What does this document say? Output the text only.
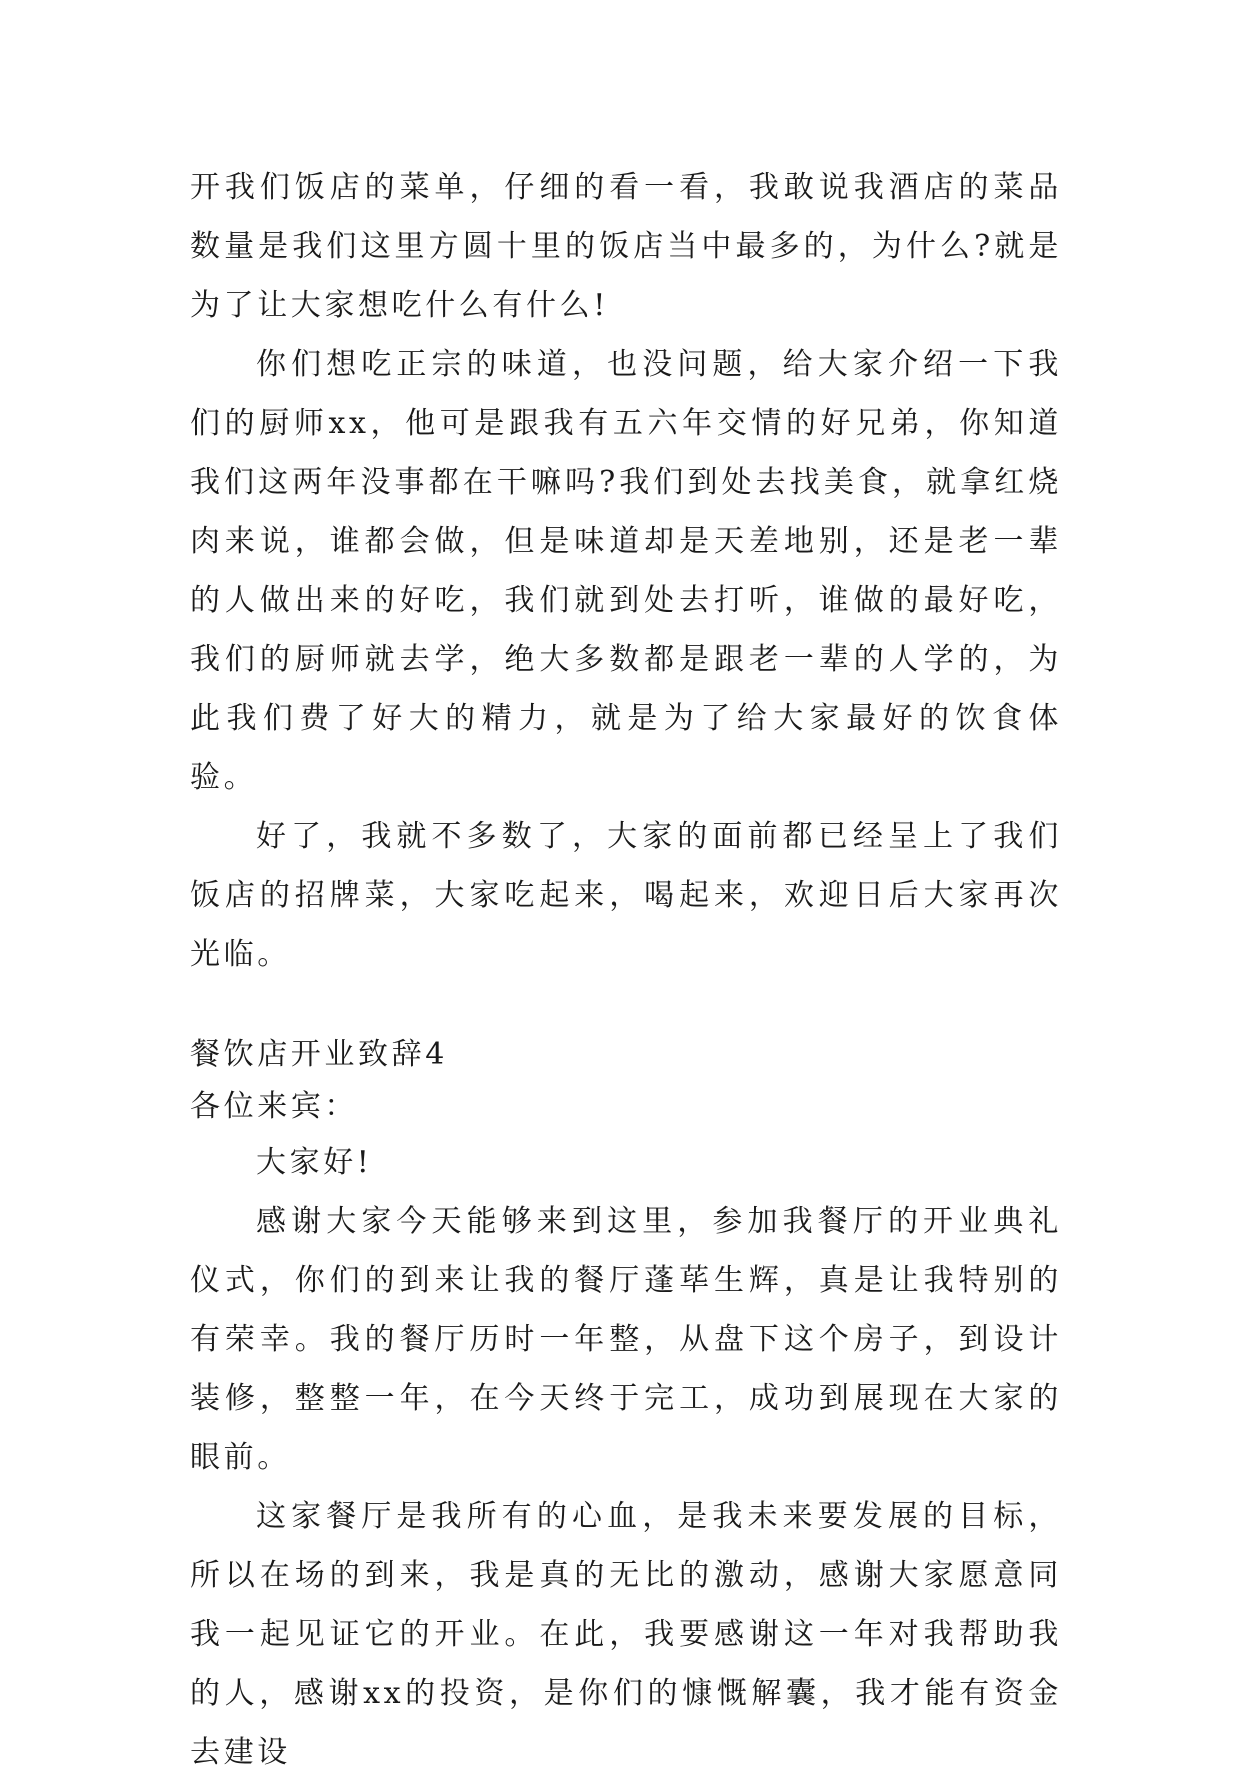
开我们饭店的菜单，仔细的看一看，我敢说我酒店的菜品数量是我们这里方圆十里的饭店当中最多的，为什么?就是为了让大家想吃什么有什么!

你们想吃正宗的味道，也没问题，给大家介绍一下我们的厨师xx，他可是跟我有五六年交情的好兄弟，你知道我们这两年没事都在干嘛吗?我们到处去找美食，就拿红烧肉来说，谁都会做，但是味道却是天差地别，还是老一辈的人做出来的好吃，我们就到处去打听，谁做的最好吃，我们的厨师就去学，绝大多数都是跟老一辈的人学的，为此我们费了好大的精力，就是为了给大家最好的饮食体验。

好了，我就不多数了，大家的面前都已经呈上了我们饭店的招牌菜，大家吃起来，喝起来，欢迎日后大家再次光临。

餐饮店开业致辞4

各位来宾：

大家好!

感谢大家今天能够来到这里，参加我餐厅的开业典礼仪式，你们的到来让我的餐厅蓬荜生辉，真是让我特别的有荣幸。我的餐厅历时一年整，从盘下这个房子，到设计装修，整整一年，在今天终于完工，成功到展现在大家的眼前。

这家餐厅是我所有的心血，是我未来要发展的目标，所以在场的到来，我是真的无比的激动，感谢大家愿意同我一起见证它的开业。在此，我要感谢这一年对我帮助我的人，感谢xx的投资，是你们的慷慨解囊，我才能有资金去建设
